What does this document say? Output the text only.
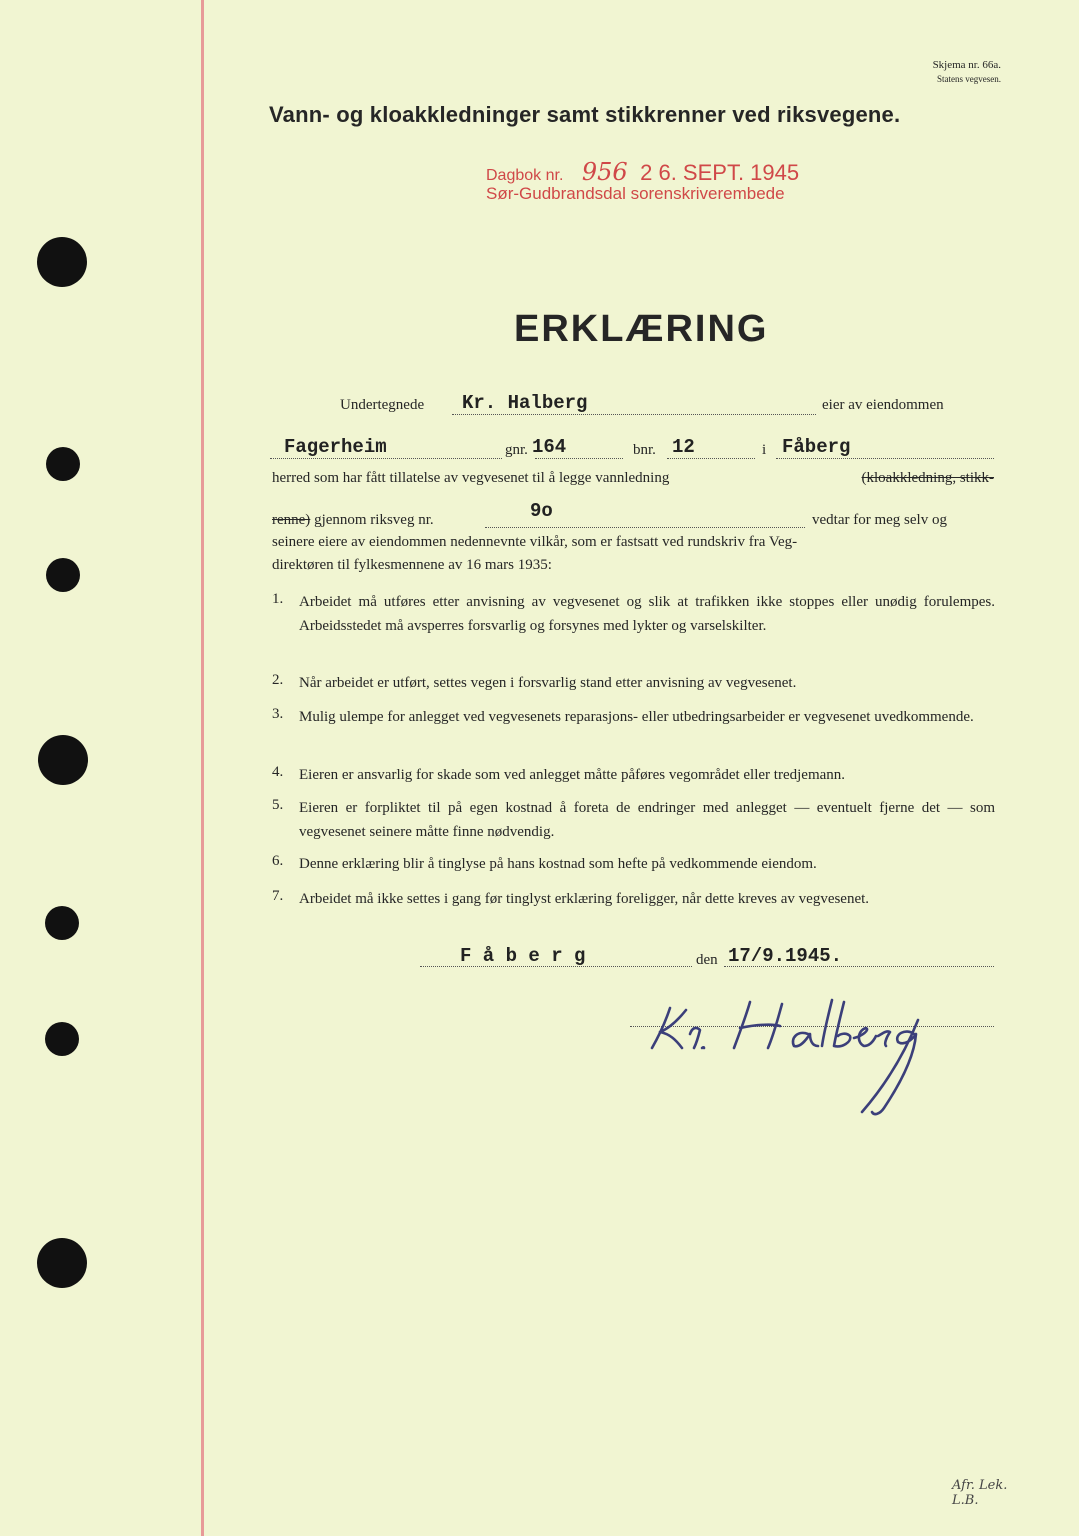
Skjema nr. 66a.
Statens vegvesen.
Vann- og kloakkledninger samt stikkrenner ved riksvegene.
Dagbok nr. 956 2 6. SEPT. 1945
Sør-Gudbrandsdal sorenskriverembede
ERKLÆRING
Undertegnede Kr. Halberg	eier av eiendommen
Fagerheim	gnr. 164	bnr. 12	i Fåberg
herred som har fått tillatelse av vegvesenet til å legge vannledning	(kloakkledning, stikk-
renne) gjennom riksveg nr.	9o	vedtar for meg selv og
seinere eiere av eiendommen nedennevnte vilkår, som er fastsatt ved rundskriv fra Veg-
direktøren til fylkesmennene av 16 mars 1935:
1. Arbeidet må utføres etter anvisning av vegvesenet og slik at trafikken ikke stoppes eller unødig forulempes. Arbeidsstedet må avsperres forsvarlig og forsynes med lykter og varselskilter.
2. Når arbeidet er utført, settes vegen i forsvarlig stand etter anvisning av vegvesenet.
3. Mulig ulempe for anlegget ved vegvesenets reparasjons- eller utbedringsarbeider er vegvesenet uvedkommende.
4. Eieren er ansvarlig for skade som ved anlegget måtte påføres vegområdet eller tredjemann.
5. Eieren er forpliktet til på egen kostnad å foreta de endringer med anlegget — eventuelt fjerne det — som vegvesenet seinere måtte finne nødvendig.
6. Denne erklæring blir å tinglyse på hans kostnad som hefte på vedkommende eiendom.
7. Arbeidet må ikke settes i gang før tinglyst erklæring foreligger, når dette kreves av vegvesenet.
F å b e r g	den 17/9.1945.
Afr. Lek. L.B.
